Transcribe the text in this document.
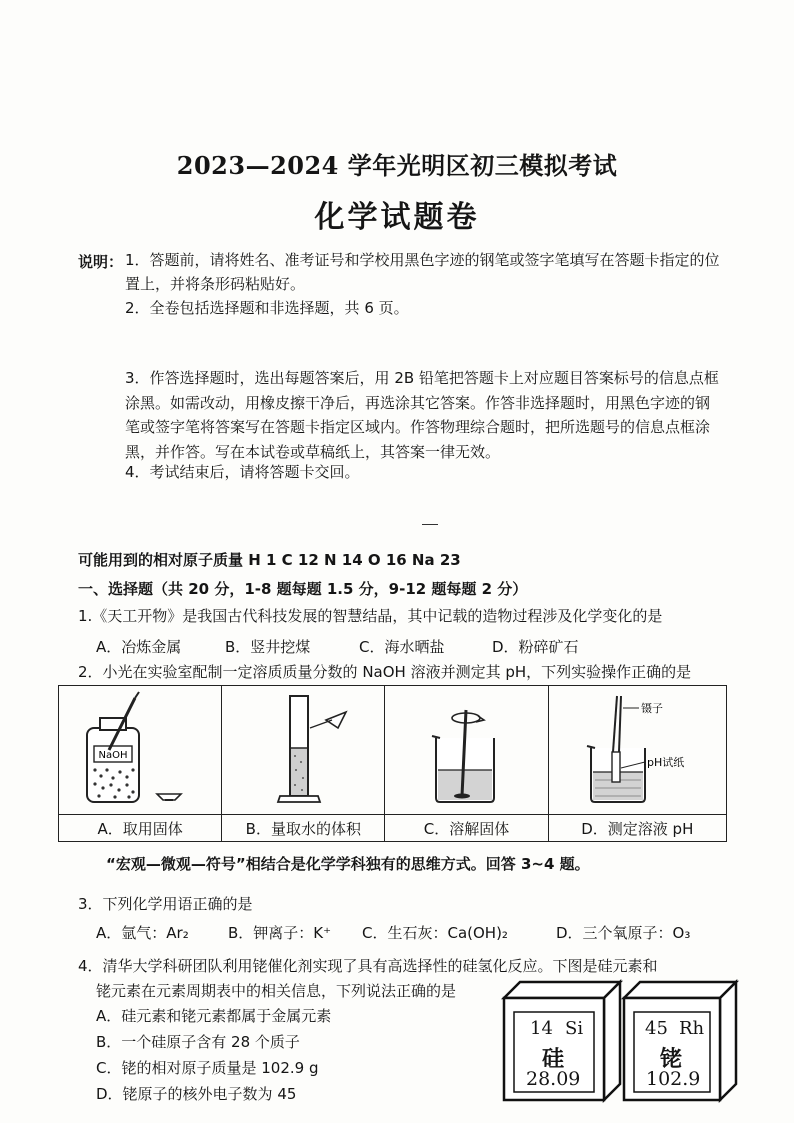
2023—2024 学年光明区初三模拟考试
化学试题卷
说明： 1．答题前，请将姓名、准考证号和学校用黑色字迹的钢笔或签字笔填写在答题卡指定的位置上，并将条形码粘贴好。
2．全卷包括选择题和非选择题，共 6 页。
3．作答选择题时，选出每题答案后，用 2B 铅笔把答题卡上对应题目答案标号的信息点框涂黑。如需改动，用橡皮擦干净后，再选涂其它答案。作答非选择题时，用黑色字迹的钢笔或签字笔将答案写在答题卡指定区域内。作答物理综合题时，把所选题号的信息点框涂黑，并作答。写在本试卷或草稿纸上，其答案一律无效。
4．考试结束后，请将答题卡交回。
可能用到的相对原子质量 H 1 C 12 N 14 O 16 Na 23
一、选择题（共 20 分，1-8 题每题 1.5 分，9-12 题每题 2 分）
1.《天工开物》是我国古代科技发展的智慧结晶，其中记载的造物过程涉及化学变化的是
A．冶炼金属	B．竖井挖煤	C．海水晒盐	D．粉碎矿石
2．小光在实验室配制一定溶质质量分数的 NaOH 溶液并测定其 pH，下列实验操作正确的是
NaOH			镊子
pH试纸

A．取用固体	B．量取水的体积	C．溶解固体	D．测定溶液 pH
“宏观—微观—符号”相结合是化学学科独有的思维方式。回答 3~4 题。
3．下列化学用语正确的是
A．氩气：Ar₂	B．钾离子：K⁺ C．生石灰：Ca(OH)₂	D．三个氧原子：O₃
4．清华大学科研团队利用铑催化剂实现了具有高选择性的硅氢化反应。下图是硅元素和
铑元素在元素周期表中的相关信息，下列说法正确的是
A．硅元素和铑元素都属于金属元素
B．一个硅原子含有 28 个质子
C．铑的相对原子质量是 102.9 g
D．铑原子的核外电子数为 45
14 Si
硅
28.09
45 Rh
铑
102.9
